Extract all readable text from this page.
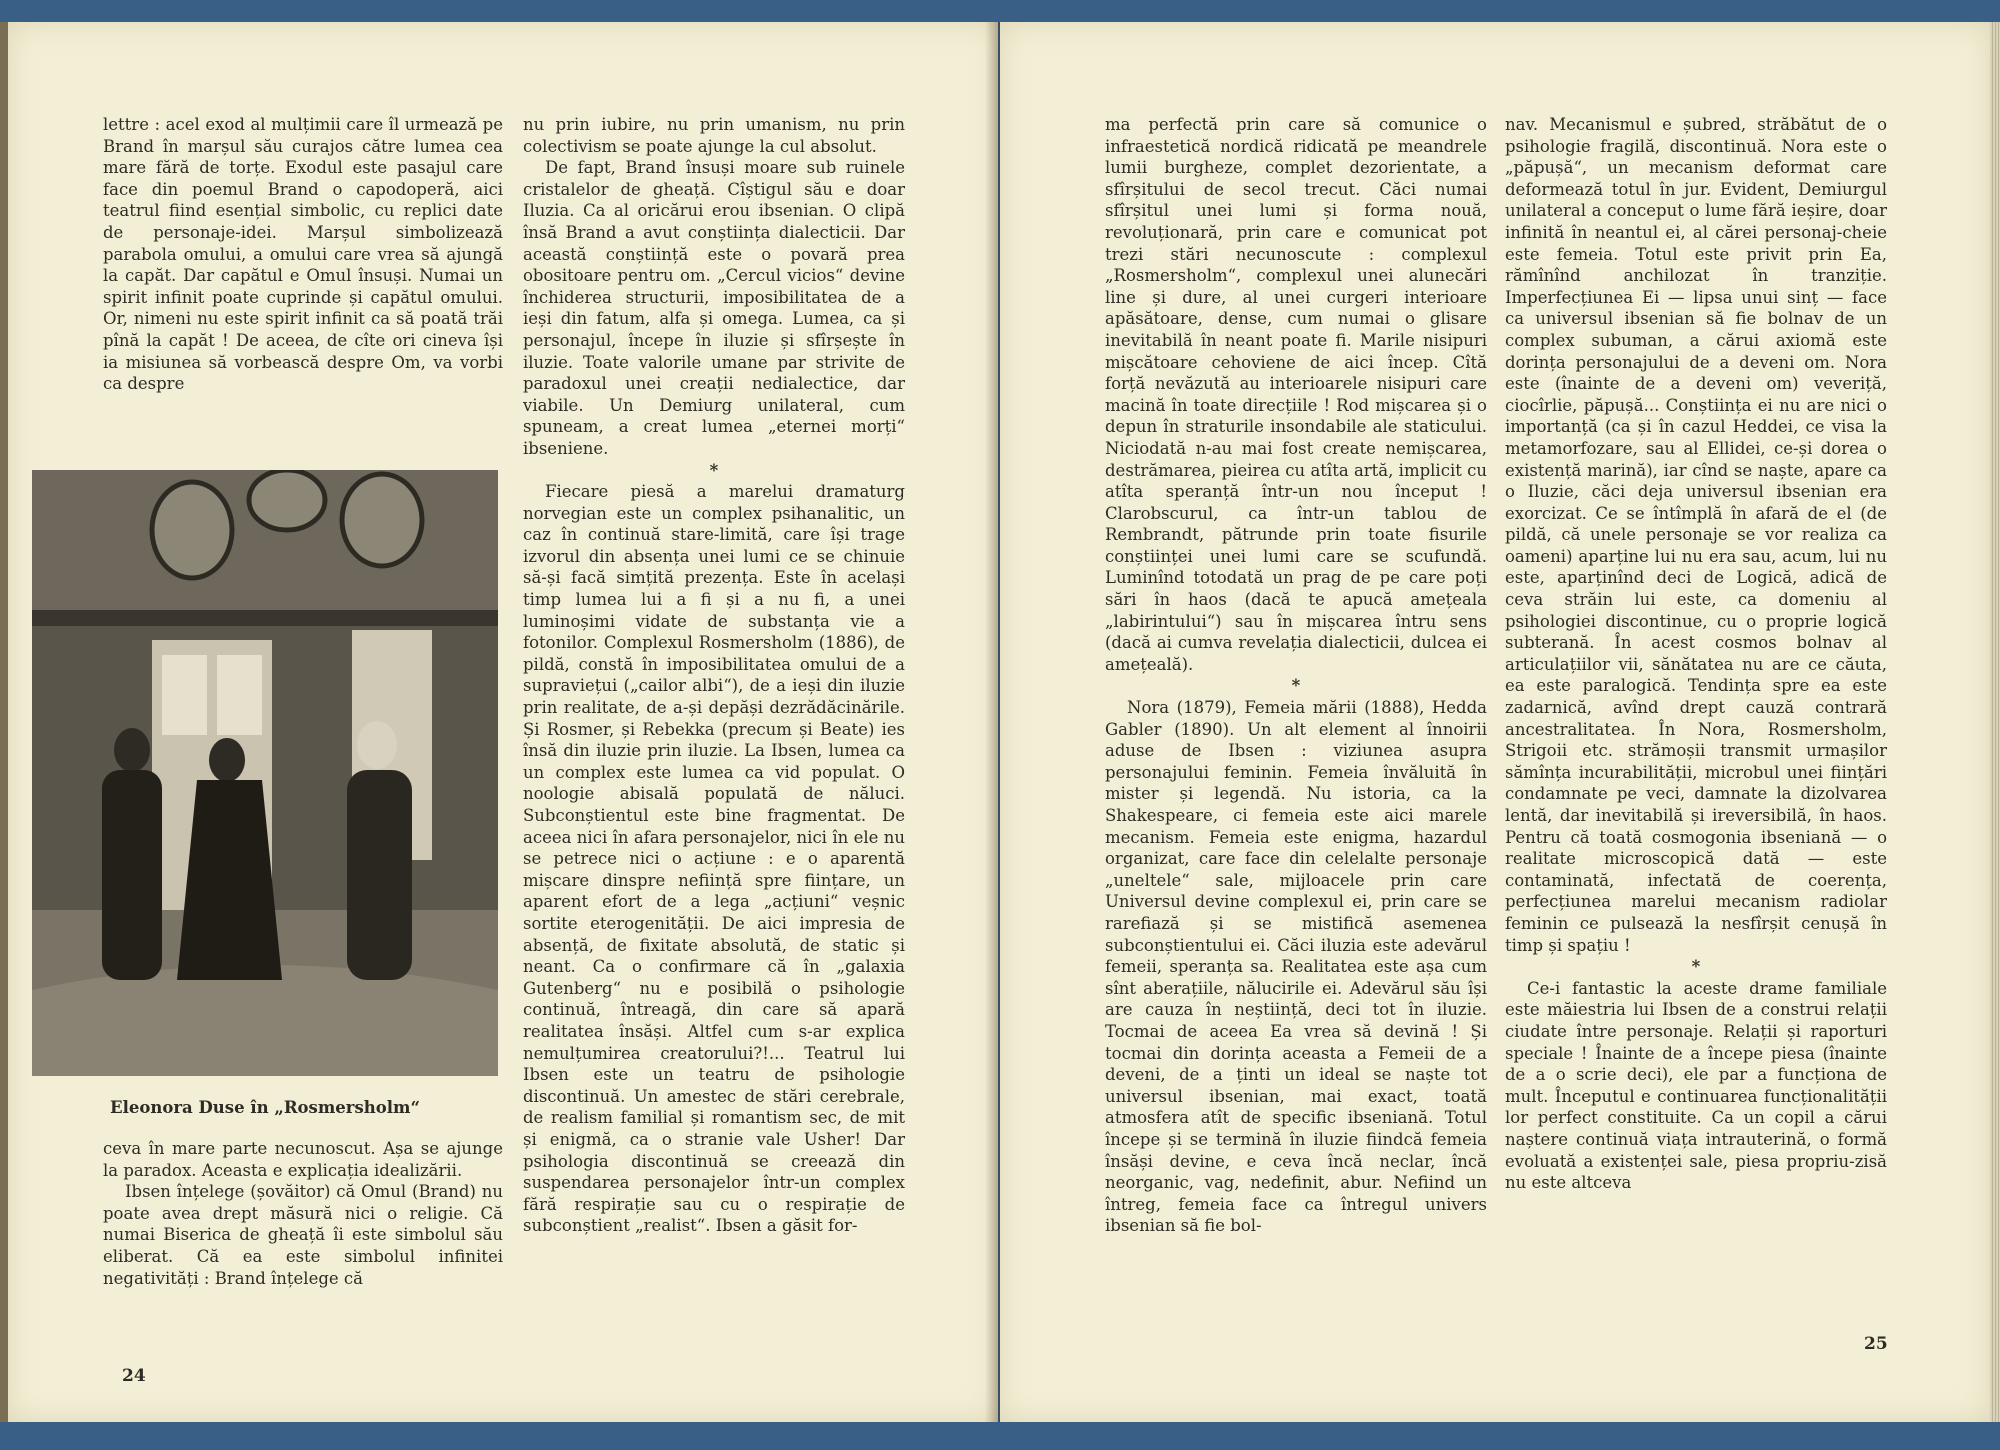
lettre : acel exod al mulțimii care îl urmează pe Brand în marșul său curajos către lumea cea mare fără de torțe. Exodul este pasajul care face din poemul Brand o capodoperă, aici teatrul fiind esențial simbolic, cu replici date de personaje-idei. Marșul simbolizează parabola omului, a omului care vrea să ajungă la capăt. Dar capătul e Omul însuși. Numai un spirit infinit poate cuprinde și capătul omului. Or, nimeni nu este spirit infinit ca să poată trăi pînă la capăt ! De aceea, de cîte ori cineva își ia misiunea să vorbească despre Om, va vorbi ca despre

Eleonora Duse în „Rosmersholm“

ceva în mare parte necunoscut. Așa se ajunge la paradox. Aceasta e explicația idealizării.

Ibsen înțelege (șovăitor) că Omul (Brand) nu poate avea drept măsură nici o religie. Că numai Biserica de gheață îi este simbolul său eliberat. Că ea este simbolul infinitei negativități : Brand înțelege că

nu prin iubire, nu prin umanism, nu prin colectivism se poate ajunge la cul absolut.

De fapt, Brand însuși moare sub ruinele cristalelor de gheață. Cîștigul său e doar Iluzia. Ca al oricărui erou ibsenian. O clipă însă Brand a avut conștiința dialecticii. Dar această conștiință este o povară prea obositoare pentru om. „Cercul vicios“ devine închiderea structurii, imposibilitatea de a ieși din fatum, alfa și omega. Lumea, ca și personajul, începe în iluzie și sfîrșește în iluzie. Toate valorile umane par strivite de paradoxul unei creații nedialectice, dar viabile. Un Demiurg unilateral, cum spuneam, a creat lumea „eternei morți“ ibseniene.

*

Fiecare piesă a marelui dramaturg norvegian este un complex psihanalitic, un caz în continuă stare-limită, care își trage izvorul din absența unei lumi ce se chinuie să-și facă simțită prezența. Este în același timp lumea lui a fi și a nu fi, a unei luminoșimi vidate de substanța vie a fotonilor. Complexul Rosmersholm (1886), de pildă, constă în imposibilitatea omului de a supraviețui („cailor albi“), de a ieși din iluzie prin realitate, de a-și depăși dezrădăcinările. Și Rosmer, și Rebekka (precum și Beate) ies însă din iluzie prin iluzie. La Ibsen, lumea ca un complex este lumea ca vid populat. O noologie abisală populată de năluci. Subconștientul este bine fragmentat. De aceea nici în afara personajelor, nici în ele nu se petrece nici o acțiune : e o aparentă mișcare dinspre neființă spre ființare, un aparent efort de a lega „acțiuni“ veșnic sortite eterogenității. De aici impresia de absență, de fixitate absolută, de static și neant. Ca o confirmare că în „galaxia Gutenberg“ nu e posibilă o psihologie continuă, întreagă, din care să apară realitatea însăși. Altfel cum s-ar explica nemulțumirea creatorului?!... Teatrul lui Ibsen este un teatru de psihologie discontinuă. Un amestec de stări cerebrale, de realism familial și romantism sec, de mit și enigmă, ca o stranie vale Usher! Dar psihologia discontinuă se creează din suspendarea personajelor într-un complex fără respirație sau cu o respirație de subconștient „realist“. Ibsen a găsit for-

24

ma perfectă prin care să comunice o infraestetică nordică ridicată pe meandrele lumii burgheze, complet dezorientate, a sfîrșitului de secol trecut. Căci numai sfîrșitul unei lumi și forma nouă, revoluționară, prin care e comunicat pot trezi stări necunoscute : complexul „Rosmersholm“, complexul unei alunecări line și dure, al unei curgeri interioare apăsătoare, dense, cum numai o glisare inevitabilă în neant poate fi. Marile nisipuri mișcătoare cehoviene de aici încep. Cîtă forță nevăzută au interioarele nisipuri care macină în toate direcțiile ! Rod mișcarea și o depun în straturile insondabile ale staticului. Niciodată n-au mai fost create nemișcarea, destrămarea, pieirea cu atîta artă, implicit cu atîta speranță într-un nou început ! Clarobscurul, ca într-un tablou de Rembrandt, pătrunde prin toate fisurile conștiinței unei lumi care se scufundă. Luminînd totodată un prag de pe care poți sări în haos (dacă te apucă amețeala „labirintului“) sau în mișcarea întru sens (dacă ai cumva revelația dialecticii, dulcea ei amețeală).

*

Nora (1879), Femeia mării (1888), Hedda Gabler (1890). Un alt element al înnoirii aduse de Ibsen : viziunea asupra personajului feminin. Femeia învăluită în mister și legendă. Nu istoria, ca la Shakespeare, ci femeia este aici marele mecanism. Femeia este enigma, hazardul organizat, care face din celelalte personaje „uneltele“ sale, mijloacele prin care Universul devine complexul ei, prin care se rarefiază și se mistifică asemenea subconștientului ei. Căci iluzia este adevărul femeii, speranța sa. Realitatea este așa cum sînt aberațiile, nălucirile ei. Adevărul său își are cauza în neștiință, deci tot în iluzie. Tocmai de aceea Ea vrea să devină ! Și tocmai din dorința aceasta a Femeii de a deveni, de a ținti un ideal se naște tot universul ibsenian, mai exact, toată atmosfera atît de specific ibseniană. Totul începe și se termină în iluzie fiindcă femeia însăși devine, e ceva încă neclar, încă neorganic, vag, nedefinit, abur. Nefiind un întreg, femeia face ca întregul univers ibsenian să fie bol-

nav. Mecanismul e șubred, străbătut de o psihologie fragilă, discontinuă. Nora este o „păpușă“, un mecanism deformat care deformează totul în jur. Evident, Demiurgul unilateral a conceput o lume fără ieșire, doar infinită în neantul ei, al cărei personaj-cheie este femeia. Totul este privit prin Ea, rămînînd anchilozat în tranziție. Imperfecțiunea Ei — lipsa unui sinț — face ca universul ibsenian să fie bolnav de un complex subuman, a cărui axiomă este dorința personajului de a deveni om. Nora este (înainte de a deveni om) veveriță, ciocîrlie, păpușă... Conștiința ei nu are nici o importanță (ca și în cazul Heddei, ce visa la metamorfozare, sau al Ellidei, ce-și dorea o existență marină), iar cînd se naște, apare ca o Iluzie, căci deja universul ibsenian era exorcizat. Ce se întîmplă în afară de el (de pildă, că unele personaje se vor realiza ca oameni) aparține lui nu era sau, acum, lui nu este, aparținînd deci de Logică, adică de ceva străin lui este, ca domeniu al psihologiei discontinue, cu o proprie logică subterană. În acest cosmos bolnav al articulațiilor vii, sănătatea nu are ce căuta, ea este paralogică. Tendința spre ea este zadarnică, avînd drept cauză contrară ancestralitatea. În Nora, Rosmersholm, Strigoii etc. strămoșii transmit urmașilor sămînța incurabilității, microbul unei ființări condamnate pe veci, damnate la dizolvarea lentă, dar inevitabilă și ireversibilă, în haos. Pentru că toată cosmogonia ibseniană — o realitate microscopică dată — este contaminată, infectată de coerența, perfecțiunea marelui mecanism radiolar feminin ce pulsează la nesfîrșit cenușă în timp și spațiu !

*

Ce-i fantastic la aceste drame familiale este măiestria lui Ibsen de a construi relații ciudate între personaje. Relații și raporturi speciale ! Înainte de a începe piesa (înainte de a o scrie deci), ele par a funcționa de mult. Începutul e continuarea funcționalității lor perfect constituite. Ca un copil a cărui naștere continuă viața intrauterină, o formă evoluată a existenței sale, piesa propriu-zisă nu este altceva

25
